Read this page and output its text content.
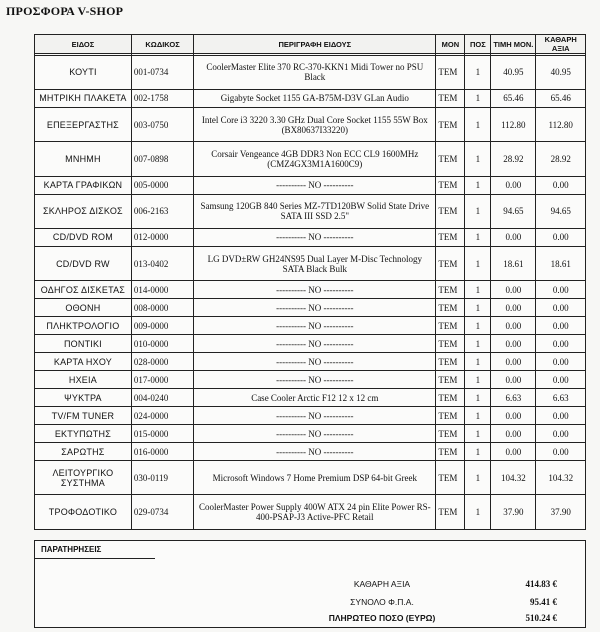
ΠΡΟΣΦΟΡΑ V-SHOP
ΕΙΔΟΣ	ΚΩΔΙΚΟΣ	ΠΕΡΙΓΡΑΦΗ ΕΙΔΟΥΣ	ΜΟΝ	ΠΟΣ	ΤΙΜΗ ΜΟΝ.	ΚΑΘΑΡΗ ΑΞΙΑ

ΚΟΥΤΙ	001-0734	CoolerMaster Elite 370 RC-370-KKN1 Midi Tower no PSU Black	TEM	1	40.95	40.95
ΜΗΤΡΙΚΗ ΠΛΑΚΕΤΑ	002-1758	Gigabyte Socket 1155 GA-B75M-D3V GLan Audio	TEM	1	65.46	65.46
ΕΠΕΞΕΡΓΑΣΤΗΣ	003-0750	Intel Core i3 3220 3.30 GHz Dual Core Socket 1155 55W Box (BX80637I33220)	TEM	1	112.80	112.80
ΜΝΗΜΗ	007-0898	Corsair Vengeance 4GB DDR3 Non ECC CL9 1600MHz (CMZ4GX3M1A1600C9)	TEM	1	28.92	28.92
ΚΑΡΤΑ ΓΡΑΦΙΚΩΝ	005-0000	---------- NO ----------	TEM	1	0.00	0.00
ΣΚΛΗΡΟΣ ΔΙΣΚΟΣ	006-2163	Samsung 120GB 840 Series MZ-7TD120BW Solid State Drive SATA III SSD 2.5"	TEM	1	94.65	94.65
CD/DVD ROM	012-0000	---------- NO ----------	TEM	1	0.00	0.00
CD/DVD RW	013-0402	LG DVD±RW GH24NS95 Dual Layer M-Disc Technology SATA Black Bulk	TEM	1	18.61	18.61
ΟΔΗΓΟΣ ΔΙΣΚΕΤΑΣ	014-0000	---------- NO ----------	TEM	1	0.00	0.00
ΟΘΟΝΗ	008-0000	---------- NO ----------	TEM	1	0.00	0.00
ΠΛΗΚΤΡΟΛΟΓΙΟ	009-0000	---------- NO ----------	TEM	1	0.00	0.00
ΠΟΝΤΙΚΙ	010-0000	---------- NO ----------	TEM	1	0.00	0.00
ΚΑΡΤΑ ΗΧΟΥ	028-0000	---------- NO ----------	TEM	1	0.00	0.00
ΗΧΕΙΑ	017-0000	---------- NO ----------	TEM	1	0.00	0.00
ΨΥΚΤΡΑ	004-0240	Case Cooler Arctic F12 12 x 12 cm	TEM	1	6.63	6.63
TV/FM TUNER	024-0000	---------- NO ----------	TEM	1	0.00	0.00
ΕΚΤΥΠΩΤΗΣ	015-0000	---------- NO ----------	TEM	1	0.00	0.00
ΣΑΡΩΤΗΣ	016-0000	---------- NO ----------	TEM	1	0.00	0.00
ΛΕΙΤΟΥΡΓΙΚΟ ΣΥΣΤΗΜΑ	030-0119	Microsoft Windows 7 Home Premium DSP 64-bit Greek	TEM	1	104.32	104.32
ΤΡΟΦΟΔΟΤΙΚΟ	029-0734	CoolerMaster Power Supply 400W ATX 24 pin Elite Power RS-400-PSAP-J3 Active-PFC Retail	TEM	1	37.90	37.90
ΠΑΡΑΤΗΡΗΣΕΙΣ
ΚΑΘΑΡΗ ΑΞΙΑ	414.83 €
ΣΥΝΟΛΟ Φ.Π.Α.	95.41 €
ΠΛΗΡΩΤΕΟ ΠΟΣΟ (ΕΥΡΩ)	510.24 €
